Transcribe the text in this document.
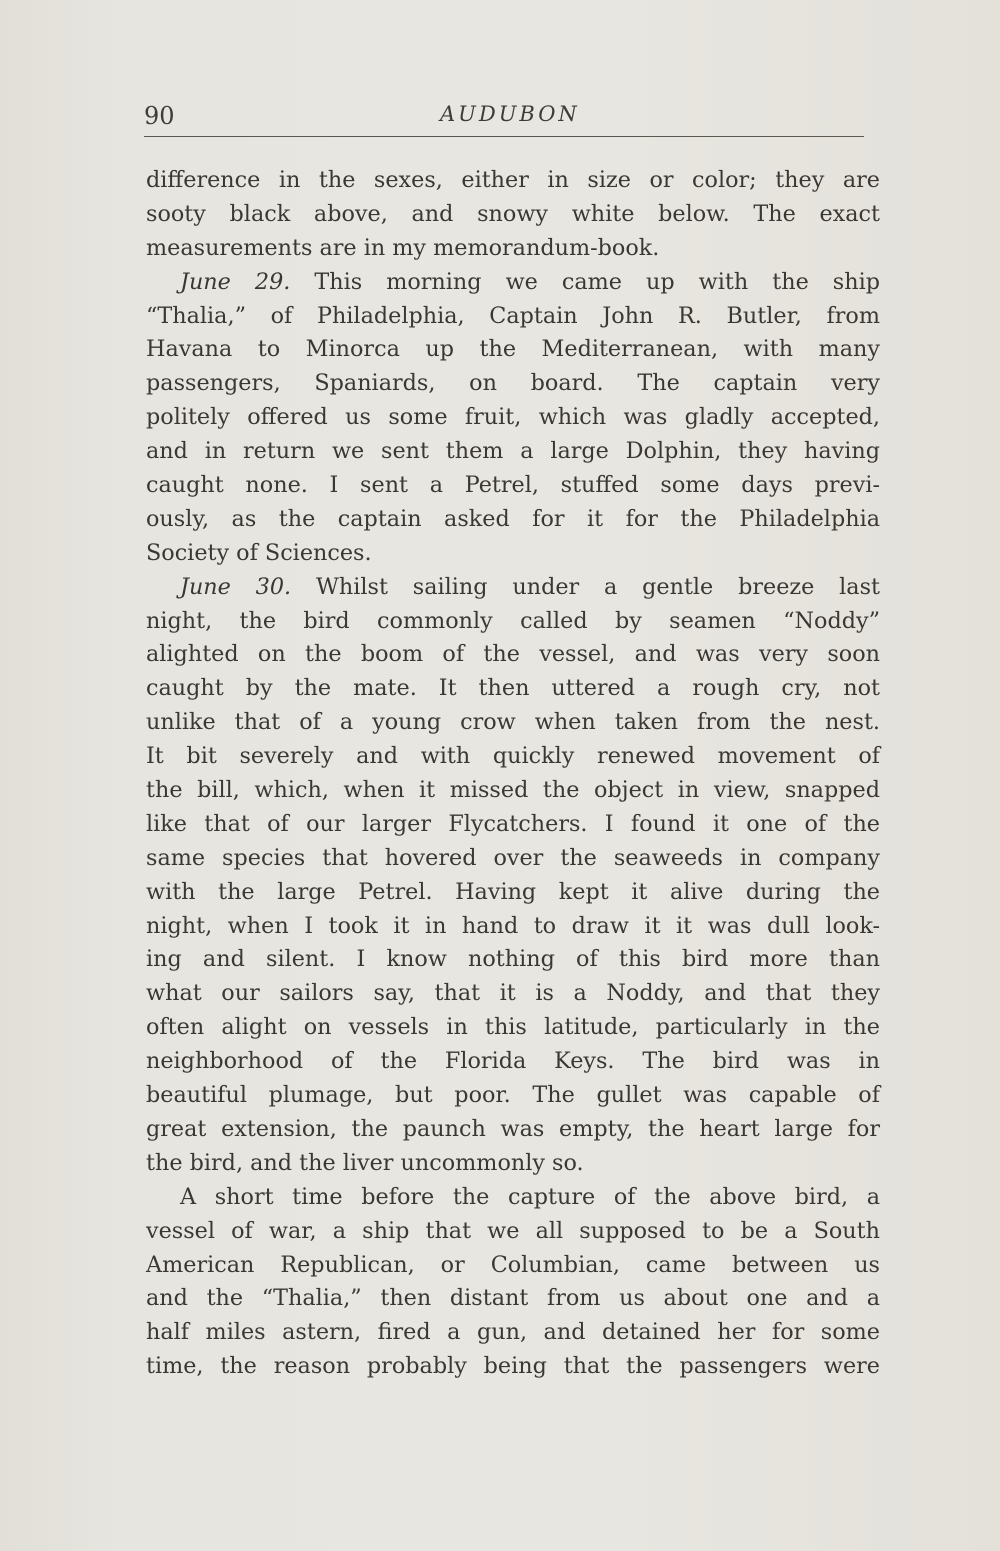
90	AUDUBON
difference in the sexes, either in size or color; they are
sooty black above, and snowy white below. The exact
measurements are in my memorandum-book.
June 29. This morning we came up with the ship
“Thalia,” of Philadelphia, Captain John R. Butler, from
Havana to Minorca up the Mediterranean, with many
passengers, Spaniards, on board. The captain very
politely offered us some fruit, which was gladly accepted,
and in return we sent them a large Dolphin, they having
caught none. I sent a Petrel, stuffed some days previ-
ously, as the captain asked for it for the Philadelphia
Society of Sciences.
June 30. Whilst sailing under a gentle breeze last
night, the bird commonly called by seamen “Noddy”
alighted on the boom of the vessel, and was very soon
caught by the mate. It then uttered a rough cry, not
unlike that of a young crow when taken from the nest.
It bit severely and with quickly renewed movement of
the bill, which, when it missed the object in view, snapped
like that of our larger Flycatchers. I found it one of the
same species that hovered over the seaweeds in company
with the large Petrel. Having kept it alive during the
night, when I took it in hand to draw it it was dull look-
ing and silent. I know nothing of this bird more than
what our sailors say, that it is a Noddy, and that they
often alight on vessels in this latitude, particularly in the
neighborhood of the Florida Keys. The bird was in
beautiful plumage, but poor. The gullet was capable of
great extension, the paunch was empty, the heart large for
the bird, and the liver uncommonly so.
A short time before the capture of the above bird, a
vessel of war, a ship that we all supposed to be a South
American Republican, or Columbian, came between us
and the “Thalia,” then distant from us about one and a
half miles astern, fired a gun, and detained her for some
time, the reason probably being that the passengers were
